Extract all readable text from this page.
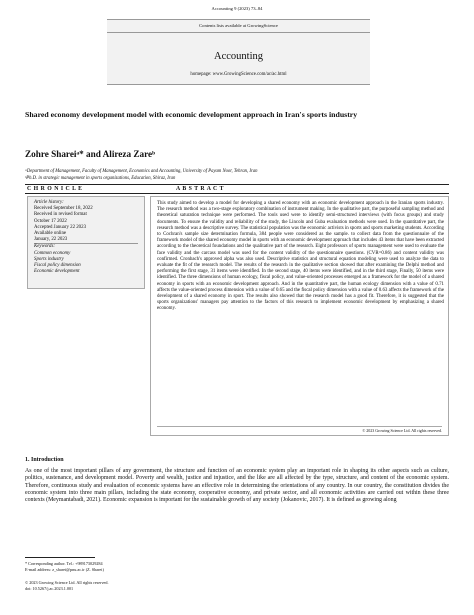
Accounting 9 (2023) 73–84
Contents lists available at GrowingScience
Accounting
homepage: www.GrowingScience.com/ac/ac.html
Shared economy development model with economic development approach in Iran's sports industry
Zohre Shareiᵃ* and Alireza Zareᵇ
ᵃDepartment of Management, Faculty of Management, Economics and Accounting, University of Payam Noor, Tehran, Iran
ᵇPh.D. in strategic management in sports organizations, Education, Shiraz, Iran
C H R O N I C L E	A B S T R A C T
Article history:
Received September 18, 2022
Received in revised format
October 17 2022
Accepted January 22 2023
Available online
January, 22 2023
Keywords:
Common economy
Sports industry
Fiscal policy dimension
Economic development
This study aimed to develop a model for developing a shared economy with an economic development approach in the Iranian sports industry. The research method was a two-stage exploratory combination of instrument making. In the qualitative part, the purposeful sampling method and theoretical saturation technique were performed. The tools used were to identify semi-structured interviews (with focus groups) and study documents. To ensure the validity and reliability of the study, the Lincoln and Guba evaluation methods were used. In the quantitative part, the research method was a descriptive survey. The statistical population was the economic activists in sports and sports marketing students. According to Cochran's sample size determination formula, 384 people were considered as the sample. to collect data from the questionnaire of the framework model of the shared economy model in sports with an economic development approach that includes 43 items that have been extracted according to the theoretical foundations and the qualitative part of the research. Eight professors of sports management were used to evaluate the face validity and the carcass model was used for the content validity of the questionnaire questions. (CVR=0.86) and content validity was confirmed. Cronbach's approved alpha was also used. Descriptive statistics and structural equation modeling were used to analyze the data to evaluate the fit of the research model. The results of the research in the qualitative section showed that after examining the Delphi method and performing the first stage, 31 items were identified. In the second stage, 40 items were identified, and in the third stage, Finally, 50 items were identified. The three dimensions of human ecology, fiscal policy, and value-oriented processes emerged as a framework for the model of a shared economy in sports with an economic development approach. And in the quantitative part, the human ecology dimension with a value of 0.71 affects the value-oriented process dimension with a value of 0.65 and the fiscal policy dimension with a value of 0.63 affects the framework of the development of a shared economy in sport. The results also showed that the research model has a good fit. Therefore, it is suggested that the sports organizations' managers pay attention to the factors of this research to implement economic development by emphasizing a shared economy.
© 2023 Growing Science Ltd. All rights reserved.
1. Introduction
As one of the most important pillars of any government, the structure and function of an economic system play an important role in shaping its other aspects such as culture, politics, sustenance, and development model. Poverty and wealth, justice and injustice, and the like are all affected by the type, structure, and content of the economic system. Therefore, continuous study and evaluation of economic systems have an effective role in determining the orientations of any country. In our country, the constitution divides the economic system into three main pillars, including the state economy, cooperative economy, and private sector, and all economic activities are carried out within these three contexts (Meymantabadi, 2021). Economic expansion is important for the sustainable growth of any society (Jokanovic, 2017). It is defined as growing along
* Corresponding author. Tel.: +989173029284
E-mail address: z_sharei@pnu.ac.ir (Z. Sharei)
© 2023 Growing Science Ltd. All rights reserved.
doi: 10.5267/j.ac.2023.1.001
